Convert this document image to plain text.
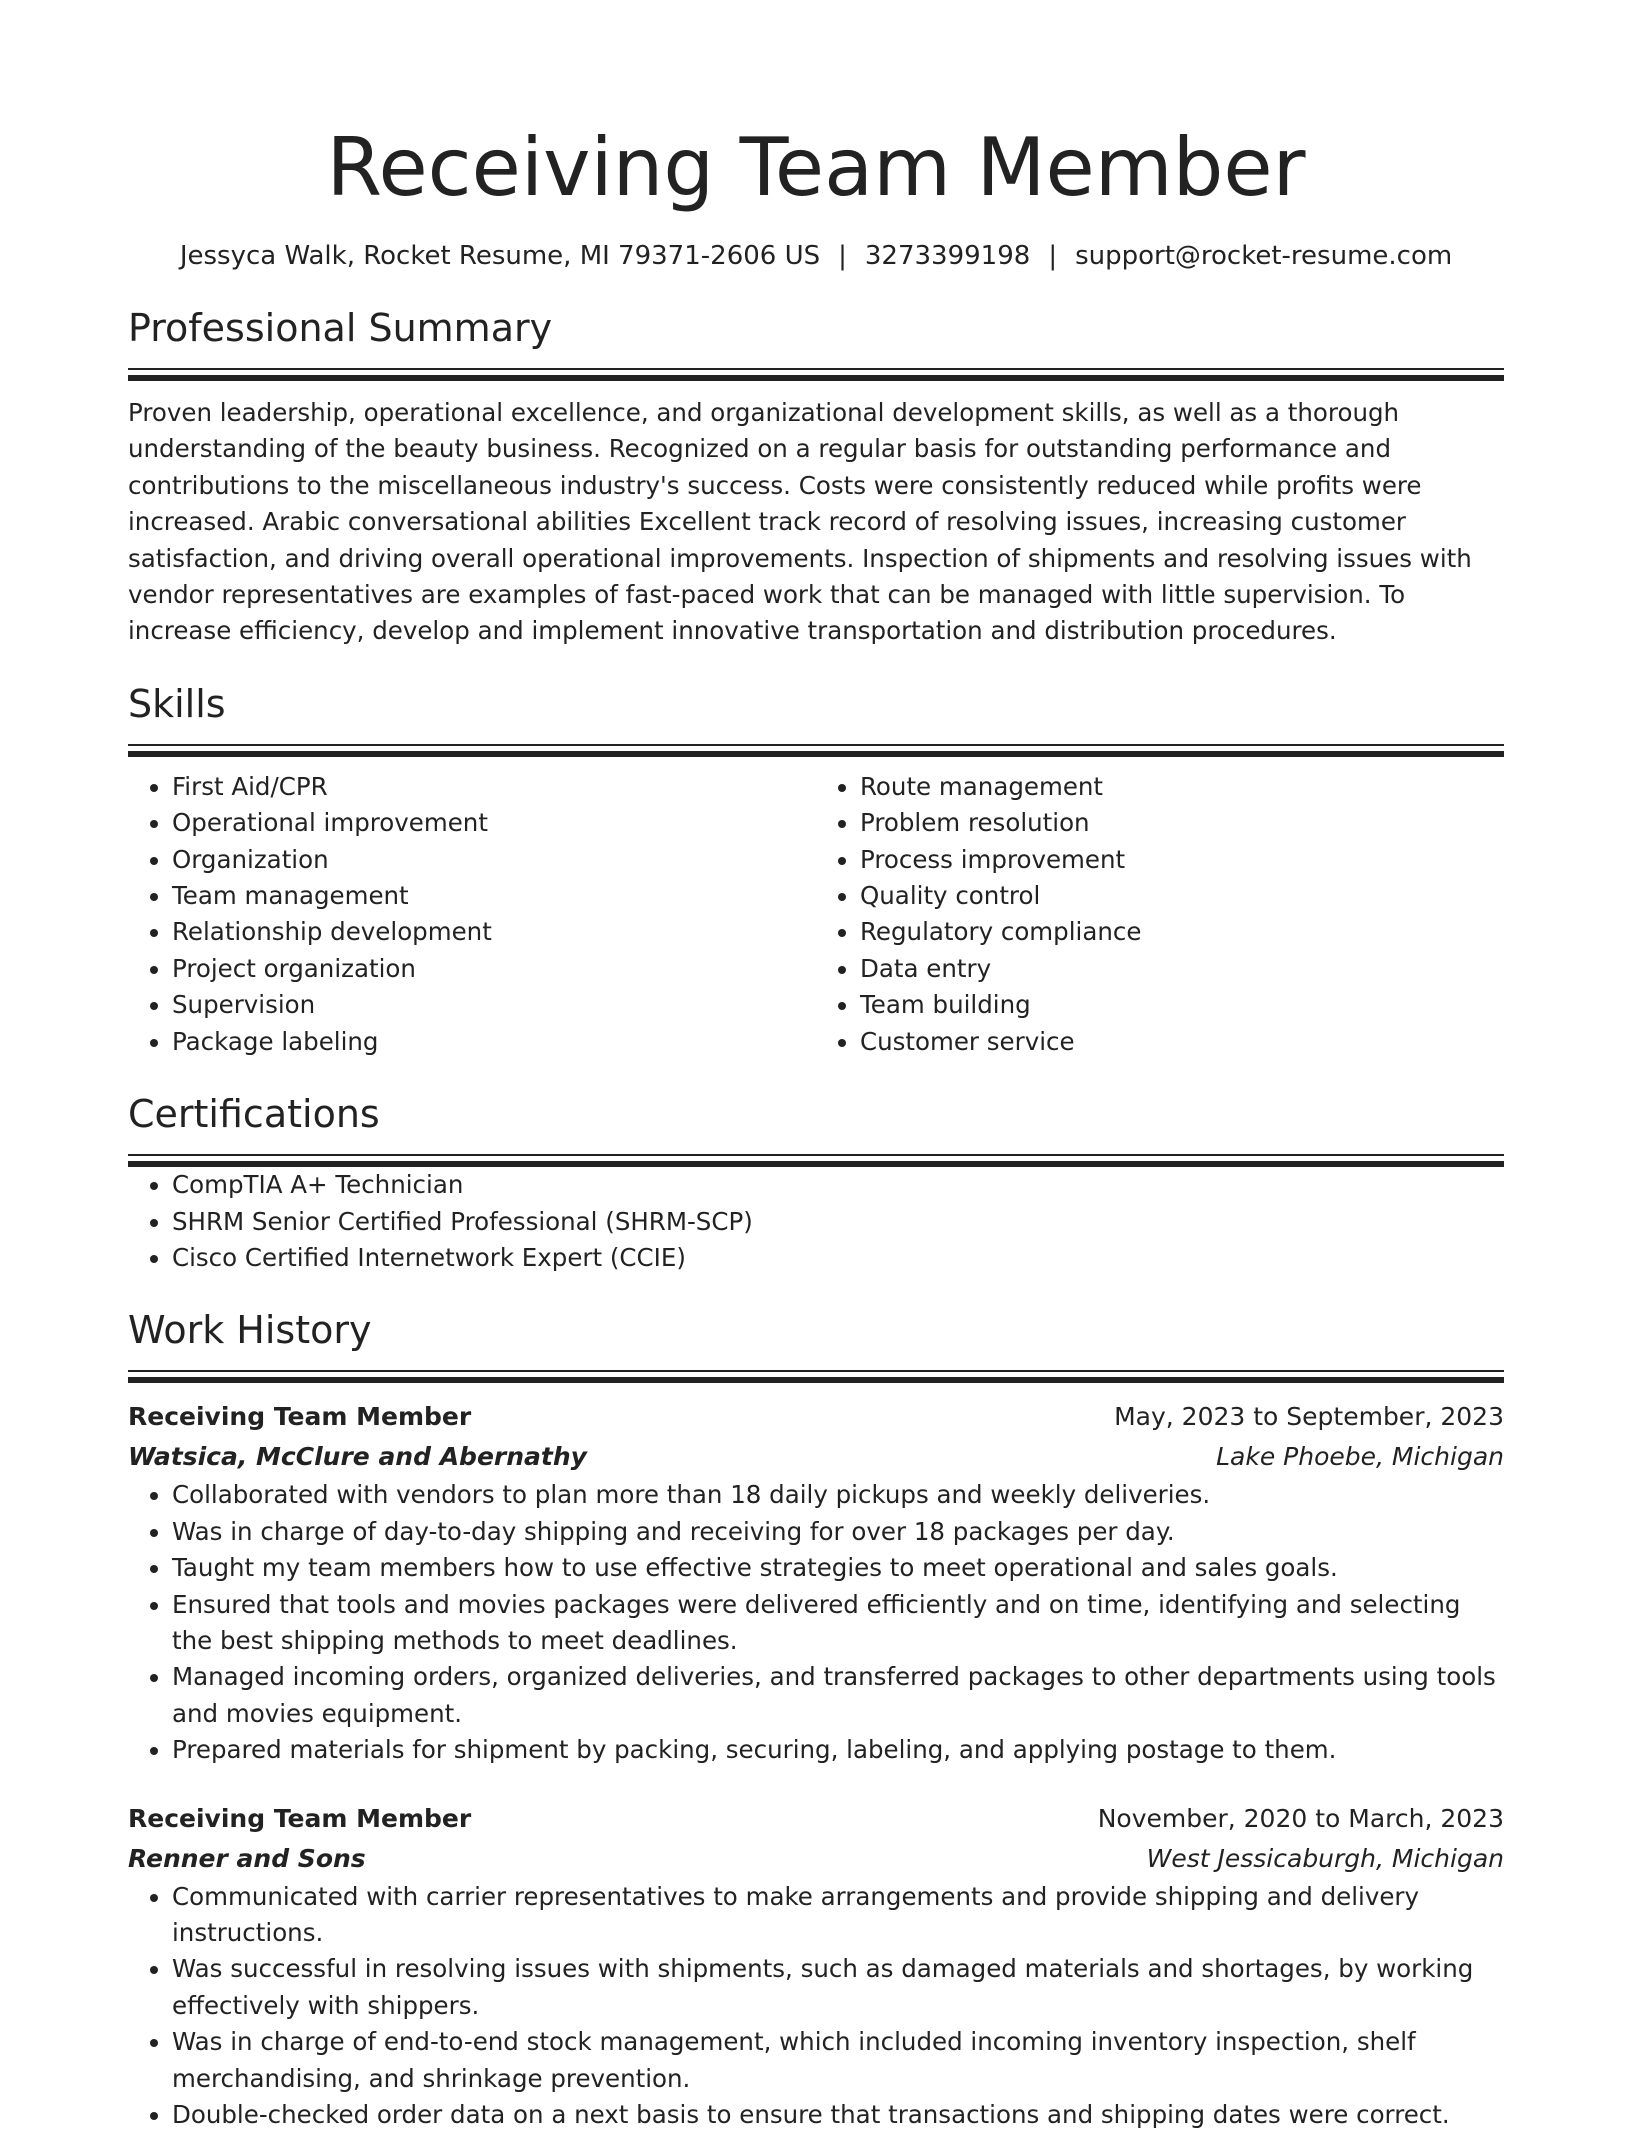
Receiving Team Member
Jessyca Walk, Rocket Resume, MI 79371-2606 US | 3273399198 | support@rocket-resume.com
Professional Summary
Proven leadership, operational excellence, and organizational development skills, as well as a thorough understanding of the beauty business. Recognized on a regular basis for outstanding performance and contributions to the miscellaneous industry's success. Costs were consistently reduced while profits were increased. Arabic conversational abilities Excellent track record of resolving issues, increasing customer satisfaction, and driving overall operational improvements. Inspection of shipments and resolving issues with vendor representatives are examples of fast-paced work that can be managed with little supervision. To increase efficiency, develop and implement innovative transportation and distribution procedures.
Skills
• First Aid/CPR
• Operational improvement
• Organization
• Team management
• Relationship development
• Project organization
• Supervision
• Package labeling
• Route management
• Problem resolution
• Process improvement
• Quality control
• Regulatory compliance
• Data entry
• Team building
• Customer service
Certifications
• CompTIA A+ Technician
• SHRM Senior Certified Professional (SHRM-SCP)
• Cisco Certified Internetwork Expert (CCIE)
Work History
Receiving Team Member	May, 2023 to September, 2023
Watsica, McClure and Abernathy	Lake Phoebe, Michigan
• Collaborated with vendors to plan more than 18 daily pickups and weekly deliveries.
• Was in charge of day-to-day shipping and receiving for over 18 packages per day.
• Taught my team members how to use effective strategies to meet operational and sales goals.
• Ensured that tools and movies packages were delivered efficiently and on time, identifying and selecting the best shipping methods to meet deadlines.
• Managed incoming orders, organized deliveries, and transferred packages to other departments using tools and movies equipment.
• Prepared materials for shipment by packing, securing, labeling, and applying postage to them.
Receiving Team Member	November, 2020 to March, 2023
Renner and Sons	West Jessicaburgh, Michigan
• Communicated with carrier representatives to make arrangements and provide shipping and delivery instructions.
• Was successful in resolving issues with shipments, such as damaged materials and shortages, by working effectively with shippers.
• Was in charge of end-to-end stock management, which included incoming inventory inspection, shelf merchandising, and shrinkage prevention.
• Double-checked order data on a next basis to ensure that transactions and shipping dates were correct.
